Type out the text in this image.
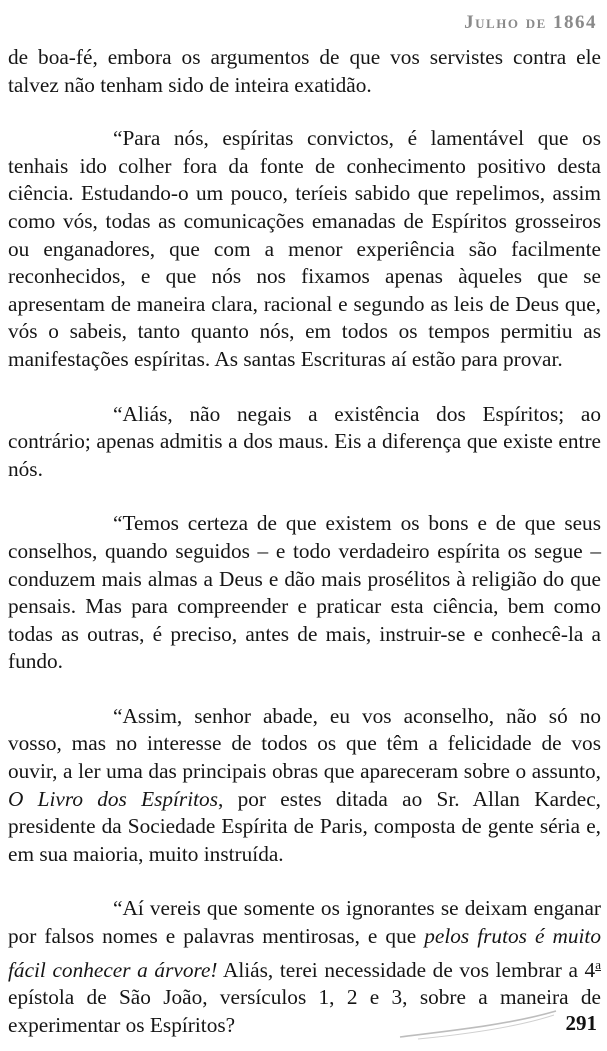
Julho de 1864

de boa-fé, embora os argumentos de que vos servistes contra ele talvez não tenham sido de inteira exatidão.

“Para nós, espíritas convictos, é lamentável que os tenhais ido colher fora da fonte de conhecimento positivo desta ciência. Estudando-o um pouco, teríeis sabido que repelimos, assim como vós, todas as comunicações emanadas de Espíritos grosseiros ou enganadores, que com a menor experiência são facilmente reconhecidos, e que nós nos fixamos apenas àqueles que se apresentam de maneira clara, racional e segundo as leis de Deus que, vós o sabeis, tanto quanto nós, em todos os tempos permitiu as manifestações espíritas. As santas Escrituras aí estão para provar.

“Aliás, não negais a existência dos Espíritos; ao contrário; apenas admitis a dos maus. Eis a diferença que existe entre nós.

“Temos certeza de que existem os bons e de que seus conselhos, quando seguidos – e todo verdadeiro espírita os segue – conduzem mais almas a Deus e dão mais prosélitos à religião do que pensais. Mas para compreender e praticar esta ciência, bem como todas as outras, é preciso, antes de mais, instruir-se e conhecê-la a fundo.

“Assim, senhor abade, eu vos aconselho, não só no vosso, mas no interesse de todos os que têm a felicidade de vos ouvir, a ler uma das principais obras que apareceram sobre o assunto, O Livro dos Espíritos, por estes ditada ao Sr. Allan Kardec, presidente da Sociedade Espírita de Paris, composta de gente séria e, em sua maioria, muito instruída.

“Aí vereis que somente os ignorantes se deixam enganar por falsos nomes e palavras mentirosas, e que pelos frutos é muito fácil conhecer a árvore! Aliás, terei necessidade de vos lembrar a 4$^a$ epístola de São João, versículos 1, 2 e 3, sobre a maneira de experimentar os Espíritos?	291
